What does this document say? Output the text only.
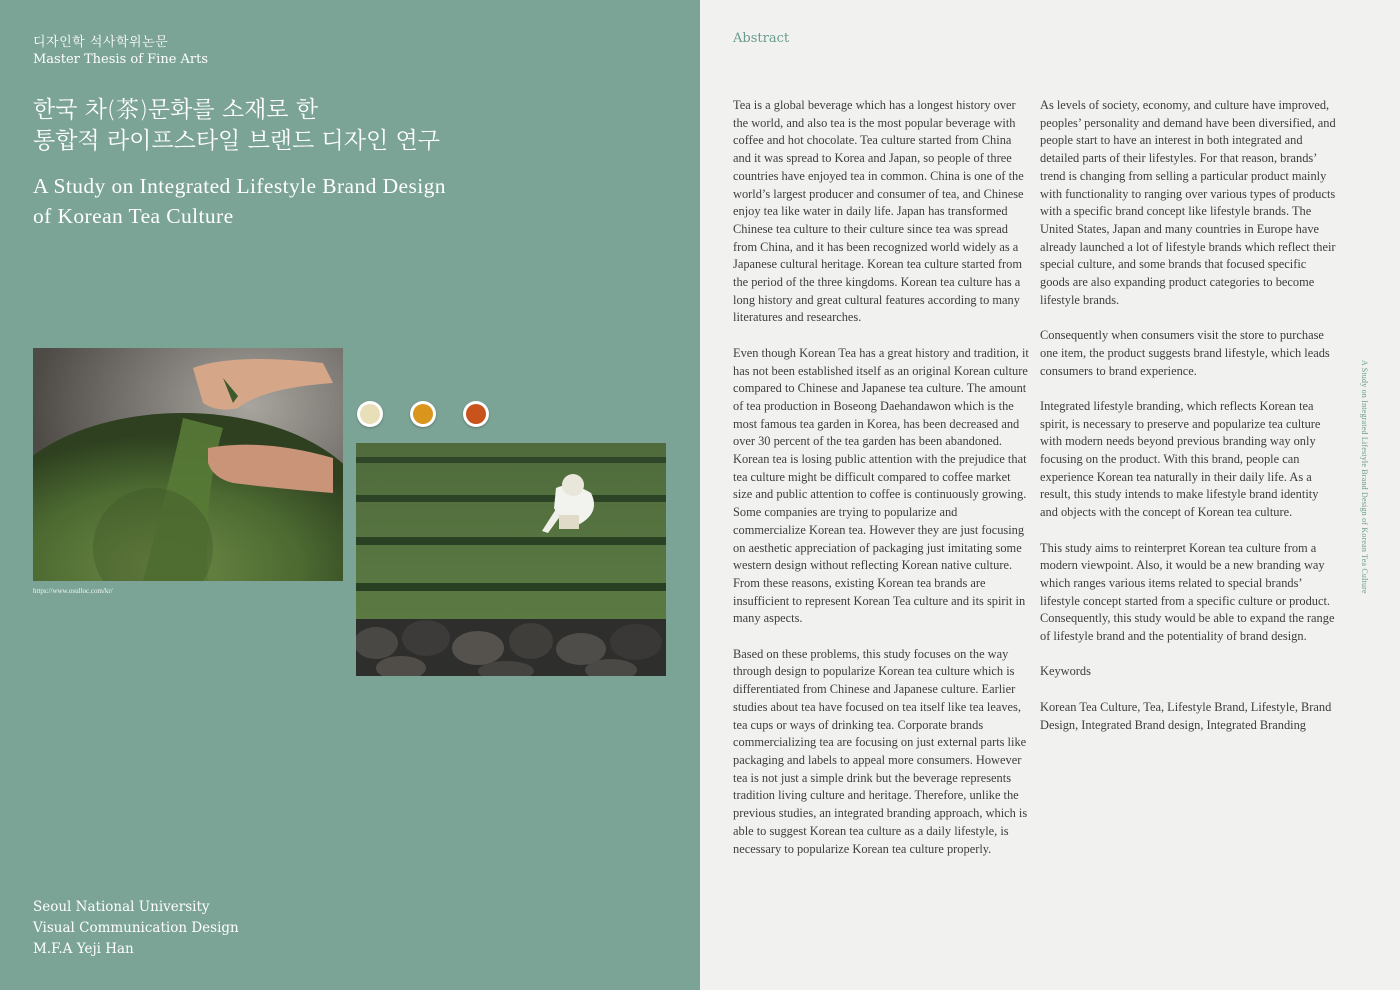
디자인학 석사학위논문
Master Thesis of Fine Arts
한국 차(茶)문화를 소재로 한
통합적 라이프스타일 브랜드 디자인 연구
A Study on Integrated Lifestyle Brand Design
of Korean Tea Culture
https://www.osulloc.com/kr/
Seoul National University
Visual Communication Design
M.F.A Yeji Han
Abstract

Tea is a global beverage which has a longest history over the world, and also tea is the most popular beverage with coffee and hot chocolate. Tea culture started from China and it was spread to Korea and Japan, so people of three countries have enjoyed tea in common. China is one of the world’s largest producer and consumer of tea, and Chinese enjoy tea like water in daily life. Japan has transformed Chinese tea culture to their culture since tea was spread from China, and it has been recognized world widely as a Japanese cultural heritage. Korean tea culture started from the period of the three kingdoms. Korean tea culture has a long history and great cultural features according to many literatures and researches.

Even though Korean Tea has a great history and tradition, it has not been established itself as an original Korean culture compared to Chinese and Japanese tea culture. The amount of tea production in Boseong Daehandawon which is the most famous tea garden in Korea, has been decreased and over 30 percent of the tea garden has been abandoned. Korean tea is losing public attention with the prejudice that tea culture might be difficult compared to coffee market size and public attention to coffee is continuously growing. Some companies are trying to popularize and commercialize Korean tea. However they are just focusing on aesthetic appreciation of packaging just imitating some western design without reflecting Korean native culture. From these reasons, existing Korean tea brands are insufficient to represent Korean Tea culture and its spirit in many aspects.

Based on these problems, this study focuses on the way through design to popularize Korean tea culture which is differentiated from Chinese and Japanese culture. Earlier studies about tea have focused on tea itself like tea leaves, tea cups or ways of drinking tea. Corporate brands commercializing tea are focusing on just external parts like packaging and labels to appeal more consumers. However tea is not just a simple drink but the beverage represents tradition living culture and heritage. Therefore, unlike the previous studies, an integrated branding approach, which is able to suggest Korean tea culture as a daily lifestyle, is necessary to popularize Korean tea culture properly.

As levels of society, economy, and culture have improved, peoples’ personality and demand have been diversified, and people start to have an interest in both integrated and detailed parts of their lifestyles. For that reason, brands’ trend is changing from selling a particular product mainly with functionality to ranging over various types of products with a specific brand concept like lifestyle brands. The United States, Japan and many countries in Europe have already launched a lot of lifestyle brands which reflect their special culture, and some brands that focused specific goods are also expanding product categories to become lifestyle brands.

Consequently when consumers visit the store to purchase one item, the product suggests brand lifestyle, which leads consumers to brand experience.

Integrated lifestyle branding, which reflects Korean tea spirit, is necessary to preserve and popularize tea culture with modern needs beyond previous branding way only focusing on the product. With this brand, people can experience Korean tea naturally in their daily life. As a result, this study intends to make lifestyle brand identity and objects with the concept of Korean tea culture.

This study aims to reinterpret Korean tea culture from a modern viewpoint. Also, it would be a new branding way which ranges various items related to special brands’ lifestyle concept started from a specific culture or product. Consequently, this study would be able to expand the range of lifestyle brand and the potentiality of brand design.

Keywords

Korean Tea Culture, Tea, Lifestyle Brand, Lifestyle, Brand Design, Integrated Brand design, Integrated Branding

A Study on Integrated Lifestyle Brand Design of Korean Tea Culture
